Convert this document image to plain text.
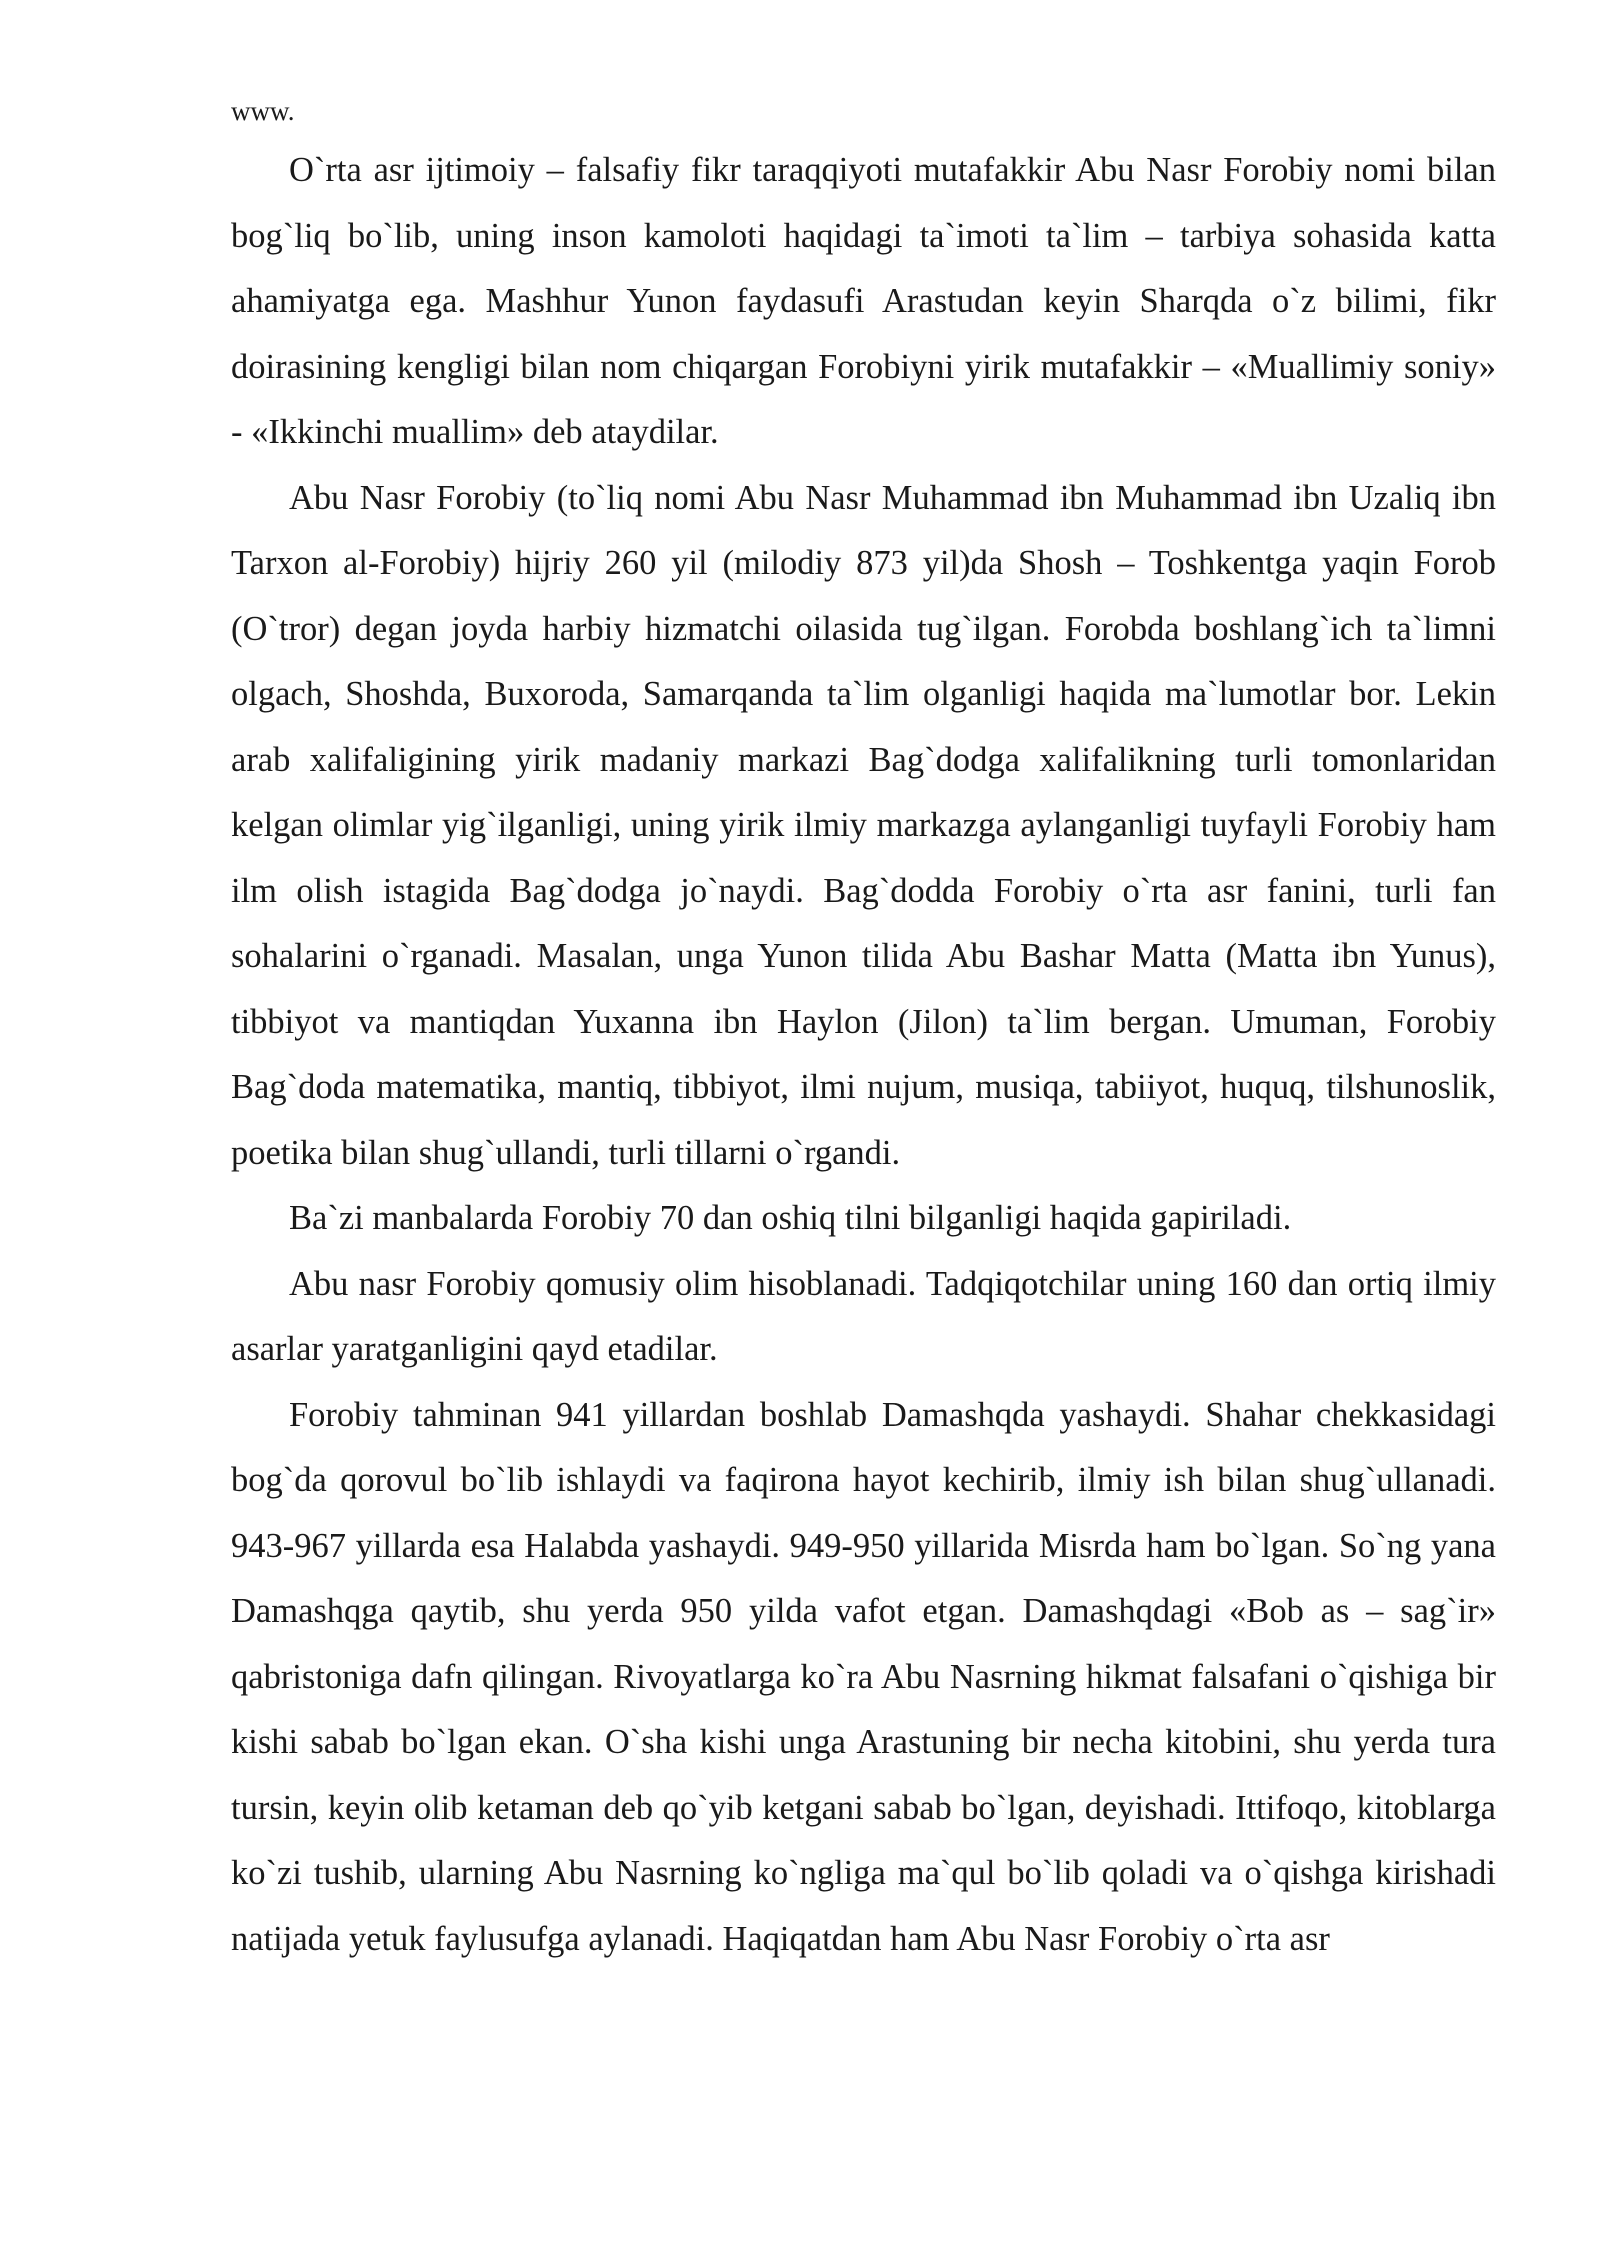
www.

O`rta asr ijtimoiy – falsafiy fikr taraqqiyoti mutafakkir Abu Nasr Forobiy nomi bilan bog`liq bo`lib, uning inson kamoloti haqidagi ta`imoti ta`lim – tarbiya sohasida katta ahamiyatga ega. Mashhur Yunon faydasufi Arastudan keyin Sharqda o`z bilimi, fikr doirasining kengligi bilan nom chiqargan Forobiyni yirik mutafakkir – «Muallimiy soniy» - «Ikkinchi muallim» deb ataydilar.

Abu Nasr Forobiy (to`liq nomi Abu Nasr Muhammad ibn Muhammad ibn Uzaliq ibn Tarxon al-Forobiy) hijriy 260 yil (milodiy 873 yil)da Shosh – Toshkentga yaqin Forob (O`tror) degan joyda harbiy hizmatchi oilasida tug`ilgan. Forobda boshlang`ich ta`limni olgach, Shoshda, Buxoroda, Samarqanda ta`lim olganligi haqida ma`lumotlar bor. Lekin arab xalifaligining yirik madaniy markazi Bag`dodga xalifalikning turli tomonlaridan kelgan olimlar yig`ilganligi, uning yirik ilmiy markazga aylanganligi tuyfayli Forobiy ham ilm olish istagida Bag`dodga jo`naydi. Bag`dodda Forobiy o`rta asr fanini, turli fan sohalarini o`rganadi. Masalan, unga Yunon tilida Abu Bashar Matta (Matta ibn Yunus), tibbiyot va mantiqdan Yuxanna ibn Haylon (Jilon) ta`lim bergan. Umuman, Forobiy Bag`doda matematika, mantiq, tibbiyot, ilmi nujum, musiqa, tabiiyot, huquq, tilshunoslik, poetika bilan shug`ullandi, turli tillarni o`rgandi.

Ba`zi manbalarda Forobiy 70 dan oshiq tilni bilganligi haqida gapiriladi.

Abu nasr Forobiy qomusiy olim hisoblanadi. Tadqiqotchilar uning 160 dan ortiq ilmiy asarlar yaratganligini qayd etadilar.

Forobiy tahminan 941 yillardan boshlab Damashqda yashaydi. Shahar chekkasidagi bog`da qorovul bo`lib ishlaydi va faqirona hayot kechirib, ilmiy ish bilan shug`ullanadi. 943-967 yillarda esa Halabda yashaydi. 949-950 yillarida Misrda ham bo`lgan. So`ng yana Damashqga qaytib, shu yerda 950 yilda vafot etgan. Damashqdagi «Bob as – sag`ir» qabristoniga dafn qilingan. Rivoyatlarga ko`ra Abu Nasrning hikmat falsafani o`qishiga bir kishi sabab bo`lgan ekan. O`sha kishi unga Arastuning bir necha kitobini, shu yerda tura tursin, keyin olib ketaman deb qo`yib ketgani sabab bo`lgan, deyishadi. Ittifoqo, kitoblarga ko`zi tushib, ularning Abu Nasrning ko`ngliga ma`qul bo`lib qoladi va o`qishga kirishadi natijada yetuk faylusufga aylanadi. Haqiqatdan ham Abu Nasr Forobiy o`rta asr
